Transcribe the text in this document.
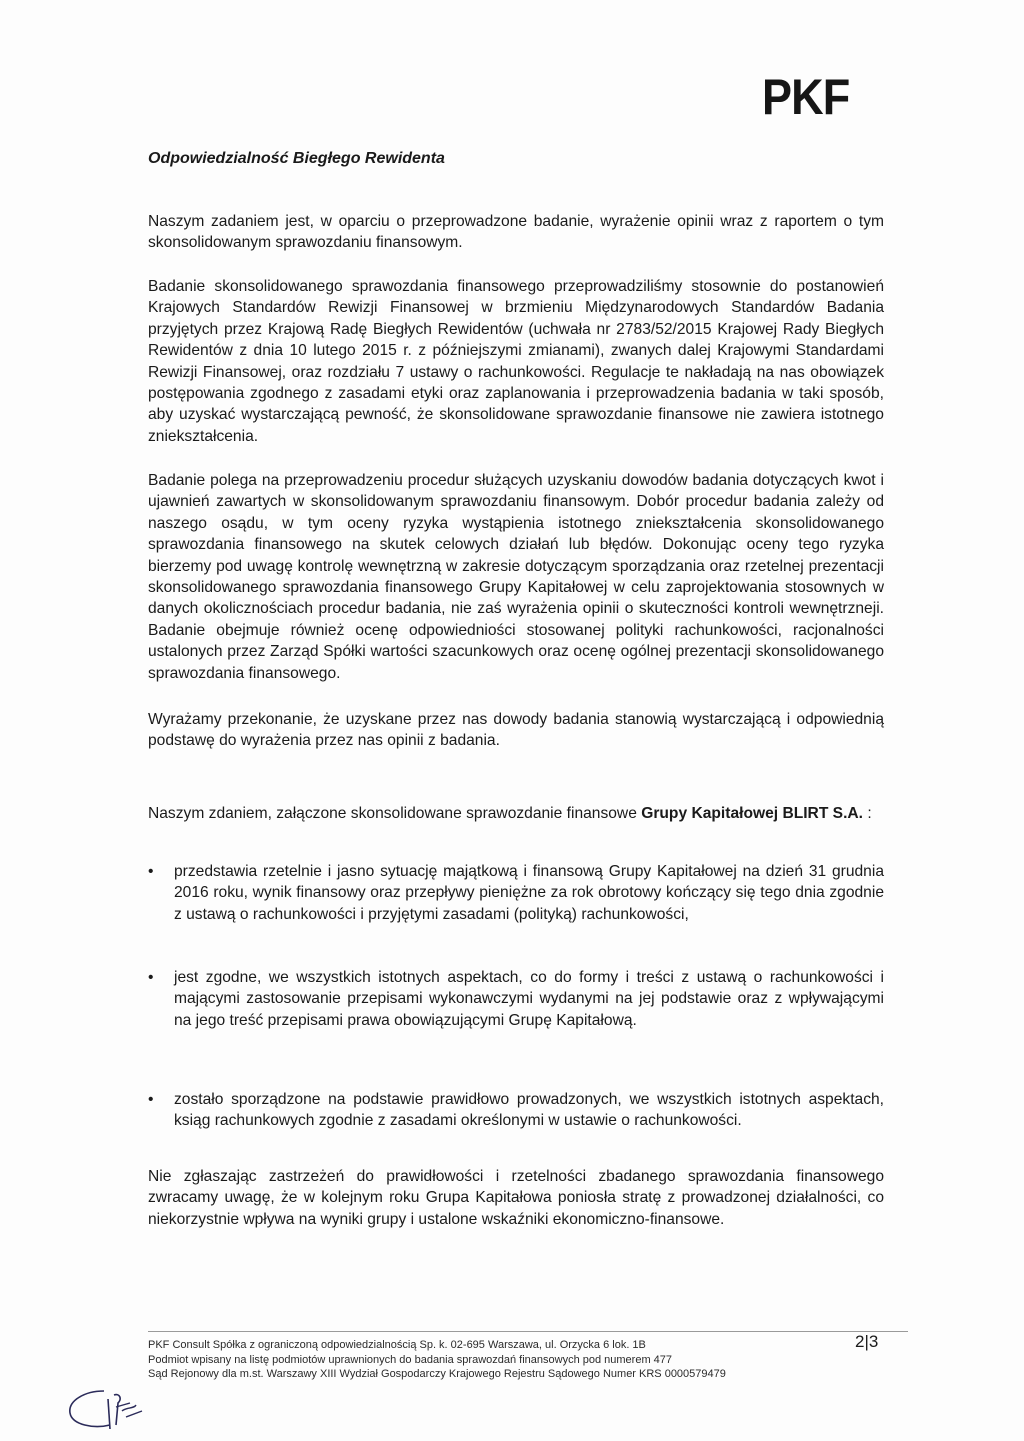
PKF
Odpowiedzialność Biegłego Rewidenta

Naszym zadaniem jest, w oparciu o przeprowadzone badanie, wyrażenie opinii wraz z raportem o tym skonsolidowanym sprawozdaniu finansowym.

Badanie skonsolidowanego sprawozdania finansowego przeprowadziliśmy stosownie do postanowień Krajowych Standardów Rewizji Finansowej w brzmieniu Międzynarodowych Standardów Badania przyjętych przez Krajową Radę Biegłych Rewidentów (uchwała nr 2783/52/2015 Krajowej Rady Biegłych Rewidentów z dnia 10 lutego 2015 r. z późniejszymi zmianami), zwanych dalej Krajowymi Standardami Rewizji Finansowej, oraz rozdziału 7 ustawy o rachunkowości. Regulacje te nakładają na nas obowiązek postępowania zgodnego z zasadami etyki oraz zaplanowania i przeprowadzenia badania w taki sposób, aby uzyskać wystarczającą pewność, że skonsolidowane sprawozdanie finansowe nie zawiera istotnego zniekształcenia.

Badanie polega na przeprowadzeniu procedur służących uzyskaniu dowodów badania dotyczących kwot i ujawnień zawartych w skonsolidowanym sprawozdaniu finansowym. Dobór procedur badania zależy od naszego osądu, w tym oceny ryzyka wystąpienia istotnego zniekształcenia skonsolidowanego sprawozdania finansowego na skutek celowych działań lub błędów. Dokonując oceny tego ryzyka bierzemy pod uwagę kontrolę wewnętrzną w zakresie dotyczącym sporządzania oraz rzetelnej prezentacji skonsolidowanego sprawozdania finansowego Grupy Kapitałowej w celu zaprojektowania stosownych w danych okolicznościach procedur badania, nie zaś wyrażenia opinii o skuteczności kontroli wewnętrzneji. Badanie obejmuje również ocenę odpowiedniości stosowanej polityki rachunkowości, racjonalności ustalonych przez Zarząd Spółki wartości szacunkowych oraz ocenę ogólnej prezentacji skonsolidowanego sprawozdania finansowego.

Wyrażamy przekonanie, że uzyskane przez nas dowody badania stanowią wystarczającą i odpowiednią podstawę do wyrażenia przez nas opinii z badania.

Naszym zdaniem, załączone skonsolidowane sprawozdanie finansowe Grupy Kapitałowej BLIRT S.A. :

•	przedstawia rzetelnie i jasno sytuację majątkową i finansową Grupy Kapitałowej na dzień 31 grudnia 2016 roku, wynik finansowy oraz przepływy pieniężne za rok obrotowy kończący się tego dnia zgodnie z ustawą o rachunkowości i przyjętymi zasadami (polityką) rachunkowości,
•	jest zgodne, we wszystkich istotnych aspektach, co do formy i treści z ustawą o rachunkowości i mającymi zastosowanie przepisami wykonawczymi wydanymi na jej podstawie oraz z wpływającymi na jego treść przepisami prawa obowiązującymi Grupę Kapitałową.
•	zostało sporządzone na podstawie prawidłowo prowadzonych, we wszystkich istotnych aspektach, ksiąg rachunkowych zgodnie z zasadami określonymi w ustawie o rachunkowości.

Nie zgłaszając zastrzeżeń do prawidłowości i rzetelności zbadanego sprawozdania finansowego zwracamy uwagę, że w kolejnym roku Grupa Kapitałowa poniosła stratę z prowadzonej działalności, co niekorzystnie wpływa na wyniki grupy i ustalone wskaźniki ekonomiczno-finansowe.

PKF Consult Spółka z ograniczoną odpowiedzialnością Sp. k. 02-695 Warszawa, ul. Orzycka 6 lok. 1B
Podmiot wpisany na listę podmiotów uprawnionych do badania sprawozdań finansowych pod numerem 477
Sąd Rejonowy dla m.st. Warszawy XIII Wydział Gospodarczy Krajowego Rejestru Sądowego Numer KRS 0000579479
2|3
